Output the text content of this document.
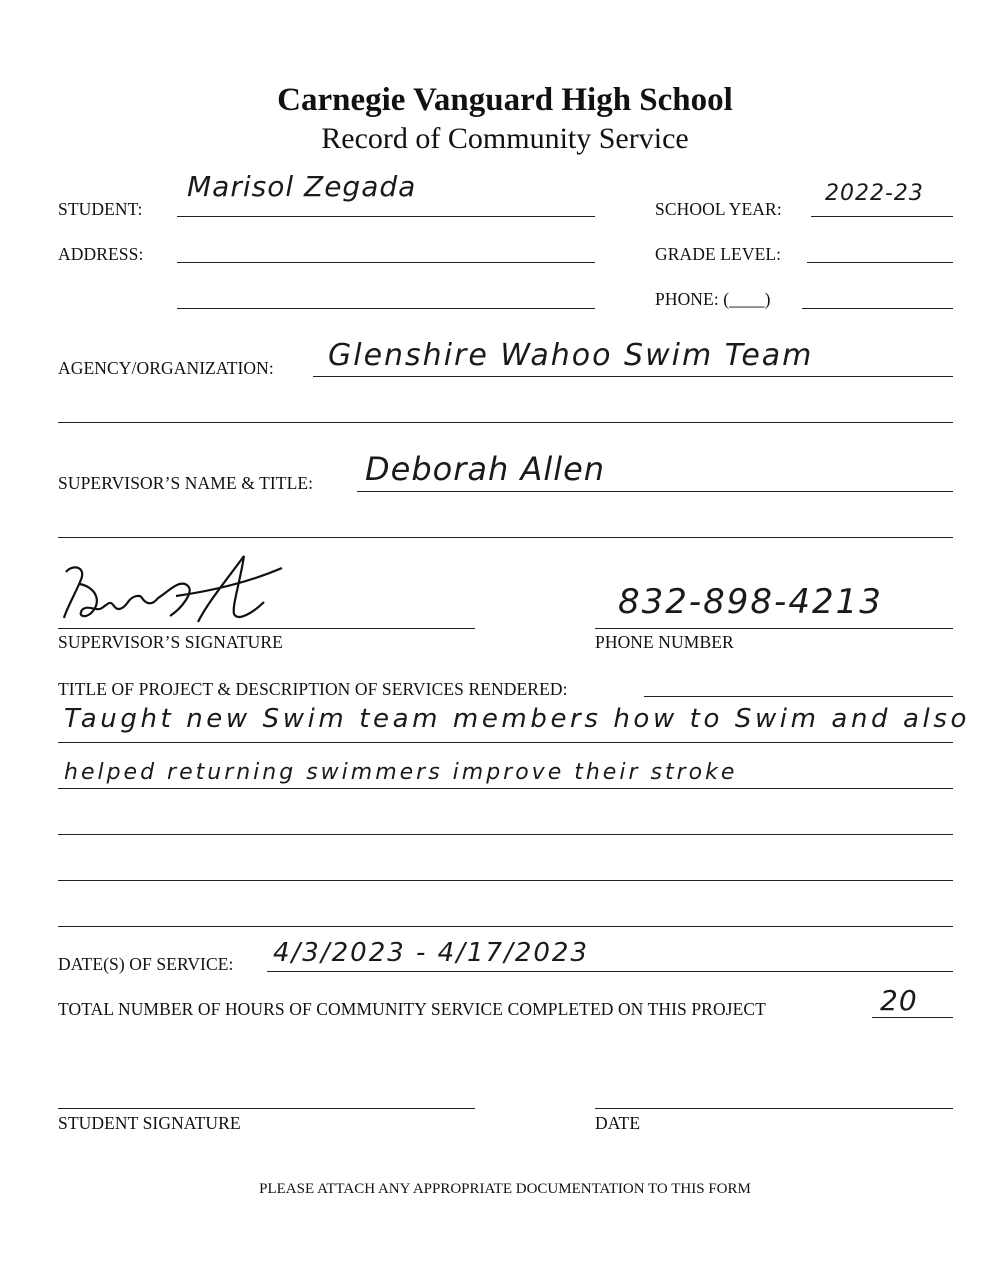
Carnegie Vanguard High School
Record of Community Service
STUDENT:
Marisol Zegada
SCHOOL YEAR:
2022-23
ADDRESS:	GRADE LEVEL:
PHONE: (____)
AGENCY/ORGANIZATION: Glenshire Wahoo Swim Team
SUPERVISOR’S NAME & TITLE: Deborah Allen
SUPERVISOR’S SIGNATURE
832-898-4213
PHONE NUMBER
TITLE OF PROJECT & DESCRIPTION OF SERVICES RENDERED:
Taught new Swim team members how to Swim and also
helped returning swimmers improve their stroke
DATE(S) OF SERVICE: 4/3/2023 - 4/17/2023
TOTAL NUMBER OF HOURS OF COMMUNITY SERVICE COMPLETED ON THIS PROJECT	20
STUDENT SIGNATURE	DATE
PLEASE ATTACH ANY APPROPRIATE DOCUMENTATION TO THIS FORM
